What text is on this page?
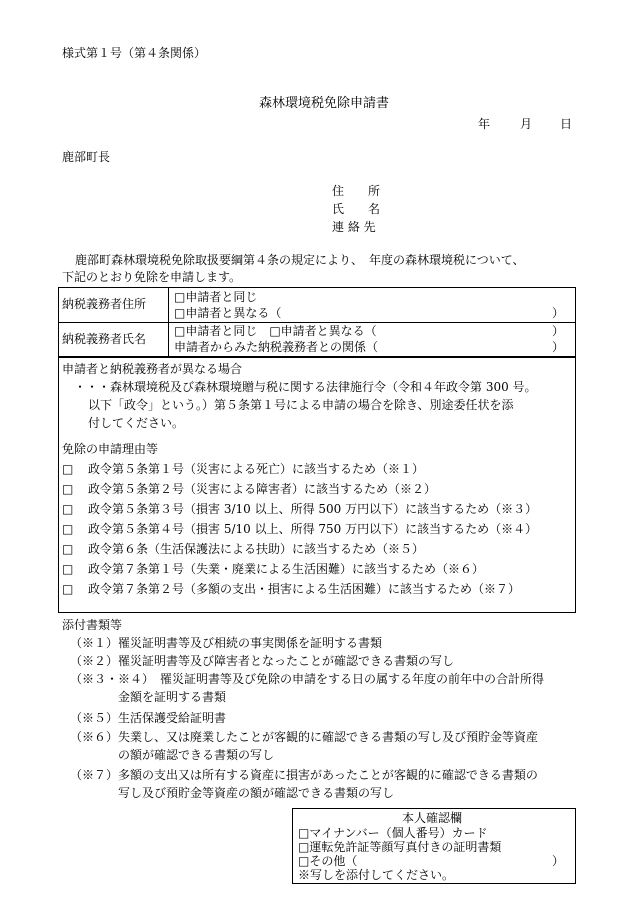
様式第１号（第４条関係）
森林環境税免除申請書
年 月 日
鹿部町長
住　　所
氏　　名
連 絡 先
鹿部町森林環境税免除取扱要綱第４条の規定により、　年度の森林環境税について、
下記のとおり免除を申請します。
納税義務者住所 □申請者と同じ
□申請者と異なる（	）
納税義務者氏名
□申請者と同じ　□申請者と異なる（	）
申請者からみた納税義務者との関係（	）
申請者と納税義務者が異なる場合
・・・森林環境税及び森林環境贈与税に関する法律施行令（令和４年政令第 300 号。
以下「政令」という。）第５条第１号による申請の場合を除き、別途委任状を添
付してください。
免除の申請理由等
□ 政令第５条第１号（災害による死亡）に該当するため（※１）
□ 政令第５条第２号（災害による障害者）に該当するため（※２）
□ 政令第５条第３号（損害 3/10 以上、所得 500 万円以下）に該当するため（※３）
□ 政令第５条第４号（損害 5/10 以上、所得 750 万円以下）に該当するため（※４）
□ 政令第６条（生活保護法による扶助）に該当するため（※５）
□ 政令第７条第１号（失業・廃業による生活困難）に該当するため（※６）
□ 政令第７条第２号（多額の支出・損害による生活困難）に該当するため（※７）
添付書類等
（※１） 罹災証明書等及び相続の事実関係を証明する書類
（※２） 罹災証明書等及び障害者となったことが確認できる書類の写し
（※３・※４） 罹災証明書等及び免除の申請をする日の属する年度の前年中の合計所得
金額を証明する書類
（※５） 生活保護受給証明書
（※６） 失業し、又は廃業したことが客観的に確認できる書類の写し及び預貯金等資産
の額が確認できる書類の写し
（※７） 多額の支出又は所有する資産に損害があったことが客観的に確認できる書類の
写し及び預貯金等資産の額が確認できる書類の写し
本人確認欄
□マイナンバー（個人番号）カード
□運転免許証等顔写真付きの証明書類
□その他（	）
※写しを添付してください。
